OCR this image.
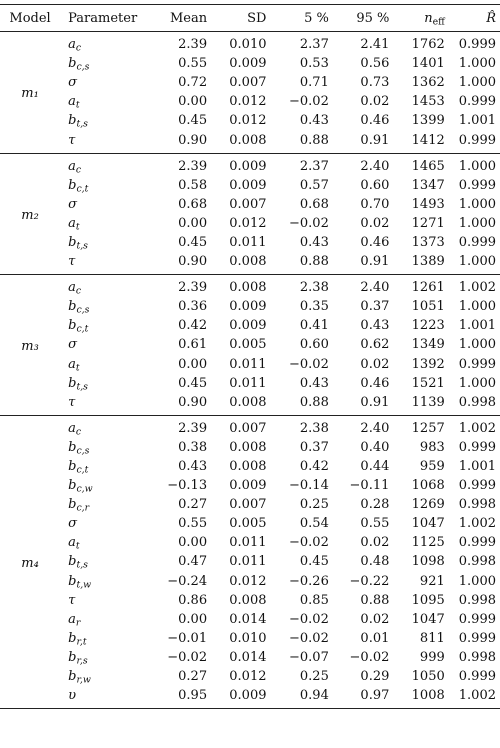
Model	Parameter	Mean	SD	5 %	95 %	$n_{eff}$	R̂
m₁	$a_c$	2.39	0.010	2.37	2.41	1762	0.999
	$b_{c,s}$	0.55	0.009	0.53	0.56	1401	1.000
	σ	0.72	0.007	0.71	0.73	1362	1.000
	$a_t$	0.00	0.012	−0.02	0.02	1453	0.999
	$b_{t,s}$	0.45	0.012	0.43	0.46	1399	1.001
	τ	0.90	0.008	0.88	0.91	1412	0.999
m₂	$a_c$	2.39	0.009	2.37	2.40	1465	1.000
	$b_{c,t}$	0.58	0.009	0.57	0.60	1347	0.999
	σ	0.68	0.007	0.68	0.70	1493	1.000
	$a_t$	0.00	0.012	−0.02	0.02	1271	1.000
	$b_{t,s}$	0.45	0.011	0.43	0.46	1373	0.999
	τ	0.90	0.008	0.88	0.91	1389	1.000
m₃	$a_c$	2.39	0.008	2.38	2.40	1261	1.002
	$b_{c,s}$	0.36	0.009	0.35	0.37	1051	1.000
	$b_{c,t}$	0.42	0.009	0.41	0.43	1223	1.001
	σ	0.61	0.005	0.60	0.62	1349	1.000
	$a_t$	0.00	0.011	−0.02	0.02	1392	0.999
	$b_{t,s}$	0.45	0.011	0.43	0.46	1521	1.000
	τ	0.90	0.008	0.88	0.91	1139	0.998
m₄	$a_c$	2.39	0.007	2.38	2.40	1257	1.002
	$b_{c,s}$	0.38	0.008	0.37	0.40	983	0.999
	$b_{c,t}$	0.43	0.008	0.42	0.44	959	1.001
	$b_{c,w}$	−0.13	0.009	−0.14	−0.11	1068	0.999
	$b_{c,r}$	0.27	0.007	0.25	0.28	1269	0.998
	σ	0.55	0.005	0.54	0.55	1047	1.002
	$a_t$	0.00	0.011	−0.02	0.02	1125	0.999
	$b_{t,s}$	0.47	0.011	0.45	0.48	1098	0.998
	$b_{t,w}$	−0.24	0.012	−0.26	−0.22	921	1.000
	τ	0.86	0.008	0.85	0.88	1095	0.998
	$a_r$	0.00	0.014	−0.02	0.02	1047	0.999
	$b_{r,t}$	−0.01	0.010	−0.02	0.01	811	0.999
	$b_{r,s}$	−0.02	0.014	−0.07	−0.02	999	0.998
	$b_{r,w}$	0.27	0.012	0.25	0.29	1050	0.999
	υ	0.95	0.009	0.94	0.97	1008	1.002
